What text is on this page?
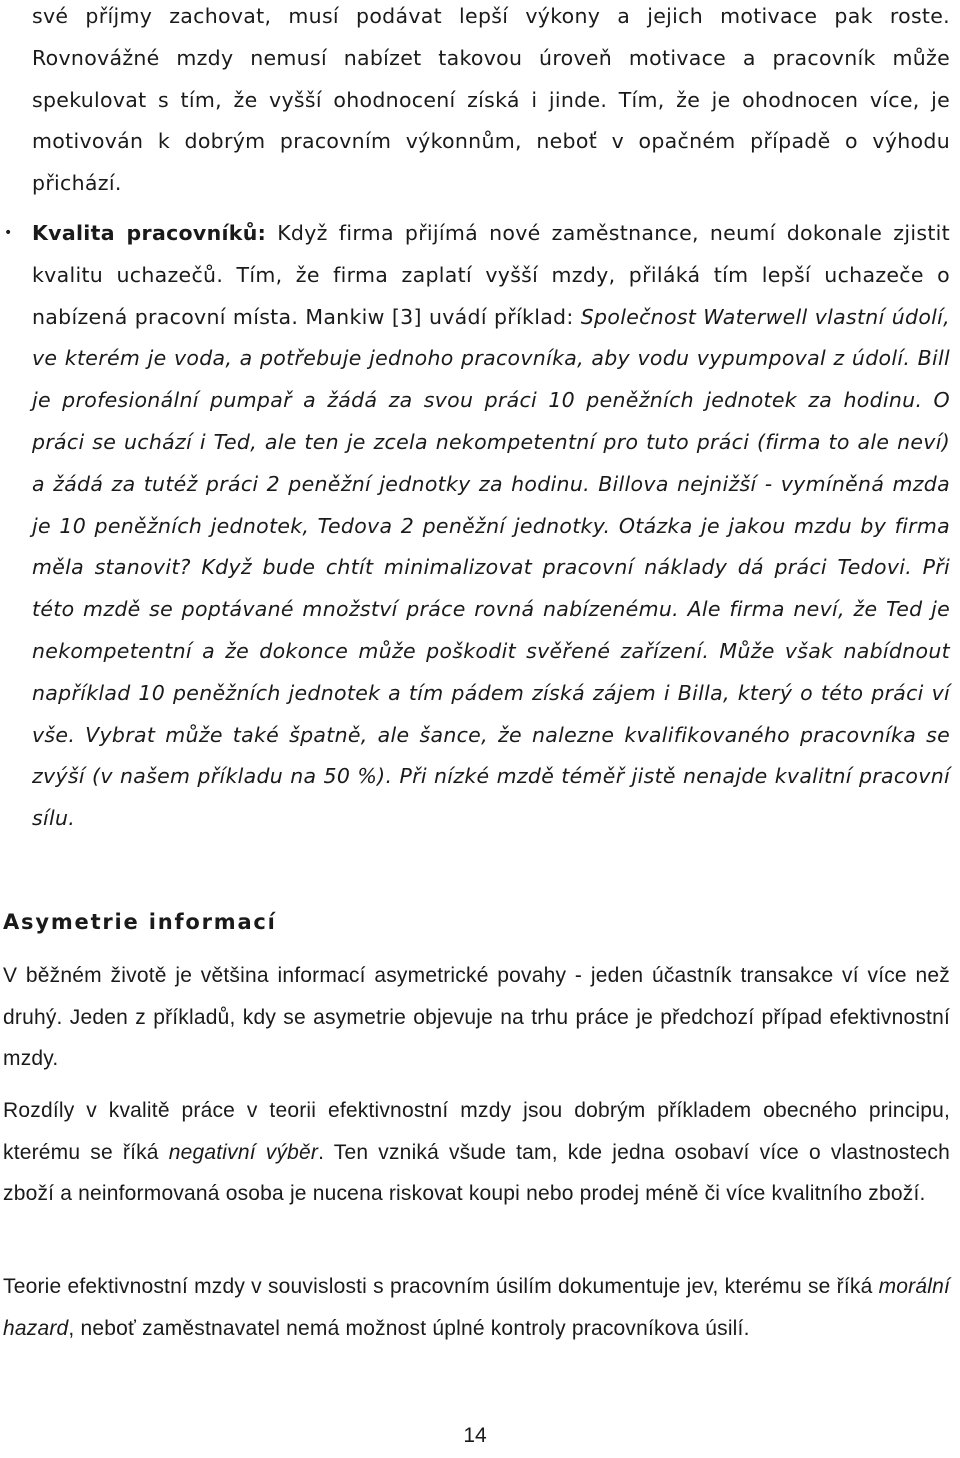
své příjmy zachovat, musí podávat lepší výkony a jejich motivace pak roste. Rovnovážné mzdy nemusí nabízet takovou úroveň motivace a pracovník může spekulovat s tím, že vyšší ohodnocení získá i jinde. Tím, že je ohodnocen více, je motivován k dobrým pracovním výkonnům, neboť v opačném případě o výhodu přichází.

• Kvalita pracovníků: Když firma přijímá nové zaměstnance, neumí dokonale zjistit kvalitu uchazečů. Tím, že firma zaplatí vyšší mzdy, přiláká tím lepší uchazeče o nabízená pracovní místa. Mankiw [3] uvádí příklad: Společnost Waterwell vlastní údolí, ve kterém je voda, a potřebuje jednoho pracovníka, aby vodu vypumpoval z údolí. Bill je profesionální pumpař a žádá za svou práci 10 peněžních jednotek za hodinu. O práci se uchází i Ted, ale ten je zcela nekompetentní pro tuto práci (firma to ale neví) a žádá za tutéž práci 2 peněžní jednotky za hodinu. Billova nejnižší - vymíněná mzda je 10 peněžních jednotek, Tedova 2 peněžní jednotky. Otázka je jakou mzdu by firma měla stanovit? Když bude chtít minimalizovat pracovní náklady dá práci Tedovi. Při této mzdě se poptávané množství práce rovná nabízenému. Ale firma neví, že Ted je nekompetentní a že dokonce může poškodit svěřené zařízení. Může však nabídnout například 10 peněžních jednotek a tím pádem získá zájem i Billa, který o této práci ví vše. Vybrat může také špatně, ale šance, že nalezne kvalifikovaného pracovníka se zvýší (v našem příkladu na 50 %). Při nízké mzdě téměř jistě nenajde kvalitní pracovní sílu.

Asymetrie informací

V běžném životě je většina informací asymetrické povahy - jeden účastník transakce ví více než druhý. Jeden z příkladů, kdy se asymetrie objevuje na trhu práce je předchozí případ efektivnostní mzdy.

Rozdíly v kvalitě práce v teorii efektivnostní mzdy jsou dobrým příkladem obecného principu, kterému se říká negativní výběr. Ten vzniká všude tam, kde jedna osobaví více o vlastnostech zboží a neinformovaná osoba je nucena riskovat koupi nebo prodej méně či více kvalitního zboží.

Teorie efektivnostní mzdy v souvislosti s pracovním úsilím dokumentuje jev, kterému se říká morální hazard, neboť zaměstnavatel nemá možnost úplné kontroly pracovníkova úsilí.

14
